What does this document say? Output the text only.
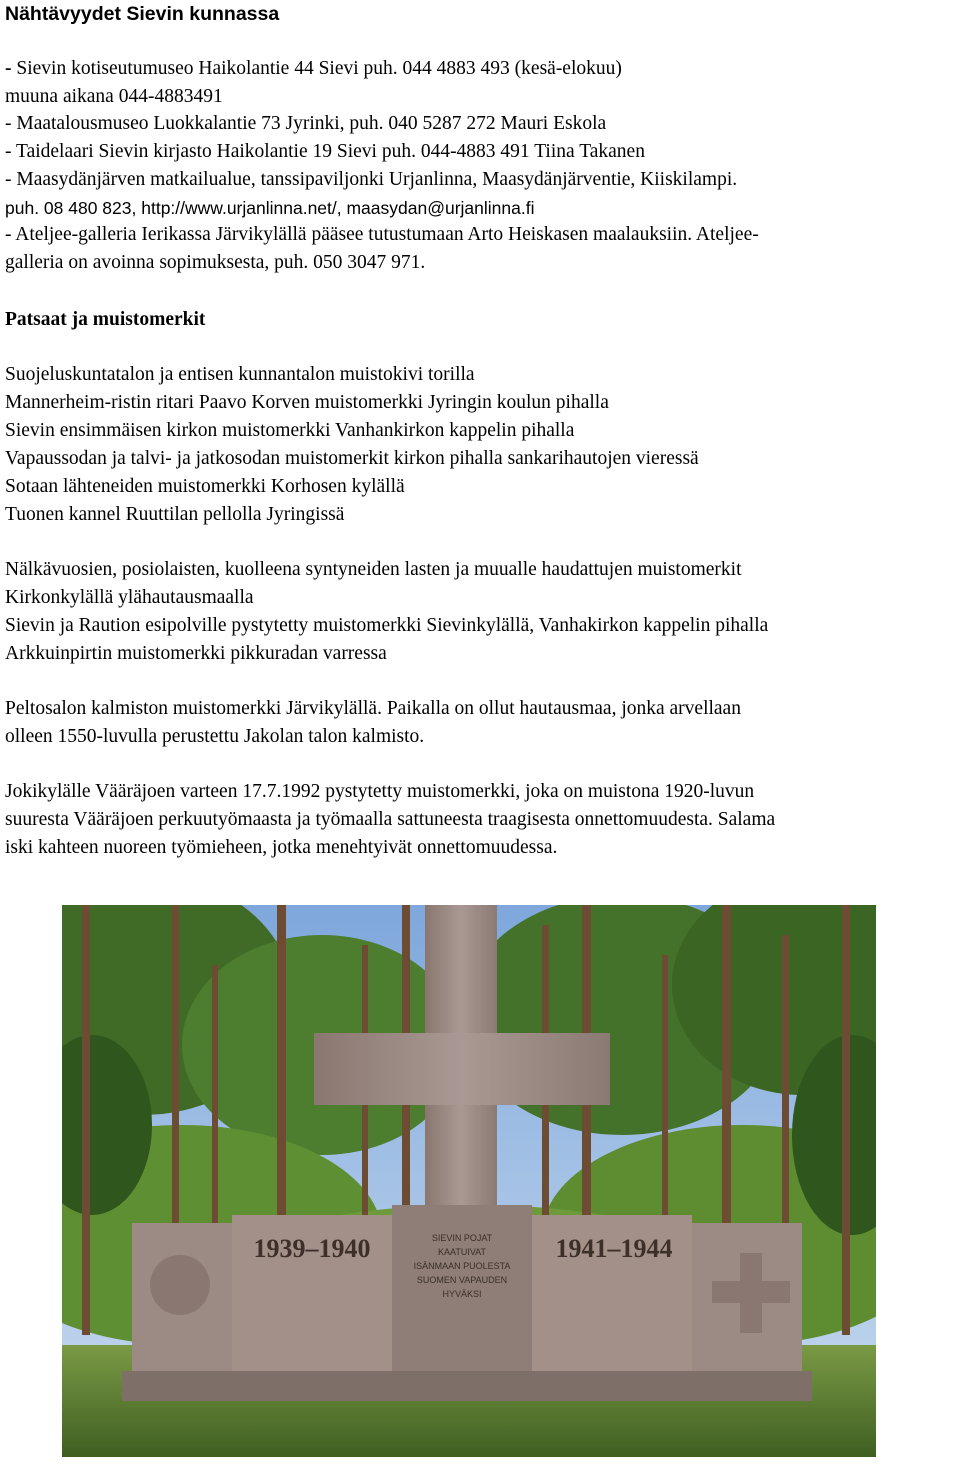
Nähtävyydet Sievin kunnassa
- Sievin kotiseutumuseo Haikolantie 44 Sievi puh. 044 4883 493 (kesä-elokuu)
muuna aikana 044-4883491
- Maatalousmuseo Luokkalantie 73 Jyrinki, puh. 040 5287 272 Mauri Eskola
- Taidelaari Sievin kirjasto Haikolantie 19 Sievi puh. 044-4883 491 Tiina Takanen
- Maasydänjärven matkailualue, tanssipaviljonki Urjanlinna, Maasydänjärventie, Kiiskilampi.
puh. 08 480 823, http://www.urjanlinna.net/, maasydan@urjanlinna.fi
- Ateljee-galleria Ierikassa Järvikylällä pääsee tutustumaan Arto Heiskasen maalauksiin. Ateljee-
galleria on avoinna sopimuksesta, puh. 050 3047 971.
Patsaat ja muistomerkit
Suojeluskuntatalon ja entisen kunnantalon muistokivi torilla
Mannerheim-ristin ritari Paavo Korven muistomerkki Jyringin koulun pihalla
Sievin ensimmäisen kirkon muistomerkki Vanhankirkon kappelin pihalla
Vapaussodan ja talvi- ja jatkosodan muistomerkit kirkon pihalla sankarihautojen vieressä
Sotaan lähteneiden muistomerkki Korhosen kylällä
Tuonen kannel Ruuttilan pellolla Jyringissä
Nälkävuosien, posiolaisten, kuolleena syntyneiden lasten ja muualle haudattujen muistomerkit
Kirkonkylällä ylähautausmaalla
Sievin ja Raution esipolville pystytetty muistomerkki Sievinkylällä, Vanhakirkon kappelin pihalla
Arkkuinpirtin muistomerkki pikkuradan varressa
Peltosalon kalmiston muistomerkki Järvikylällä. Paikalla on ollut hautausmaa, jonka arvellaan
olleen 1550-luvulla perustettu Jakolan talon kalmisto.
Jokikylälle Vääräjoen varteen 17.7.1992 pystytetty muistomerkki, joka on muistona 1920-luvun
suuresta Vääräjoen perkuutyömaasta ja työmaalla sattuneesta traagisesta onnettomuudesta. Salama
iski kahteen nuoreen työmieheen, jotka menehtyivät onnettomuudessa.
1939–1940	1941–1944
SIEVIN POJAT
KAATUIVAT
ISÄNMAAN PUOLESTA
SUOMEN VAPAUDEN
HYVÄKSI
